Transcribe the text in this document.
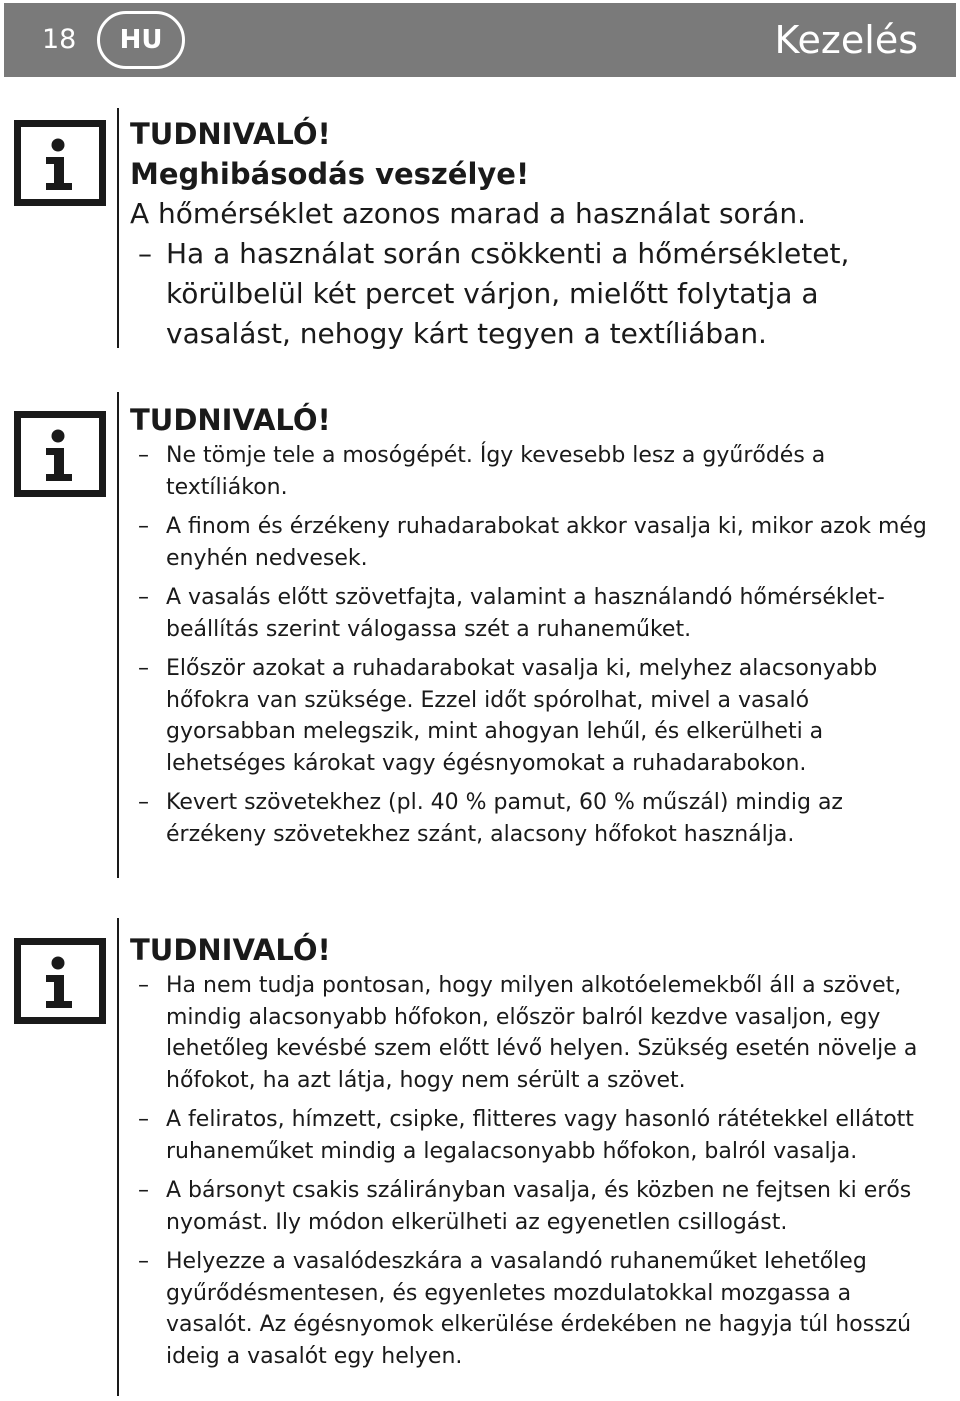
18	HU	Kezelés

TUDNIVALÓ!

Meghibásodás veszélye!

A hőmérséklet azonos marad a használat során.

– Ha a használat során csökkenti a hőmérsékletet, körülbelül két percet várjon, mielőtt folytatja a vasalást, nehogy kárt tegyen a textíliában.

TUDNIVALÓ!

– Ne tömje tele a mosógépét. Így kevesebb lesz a gyűrődés a textíliákon.
– A finom és érzékeny ruhadarabokat akkor vasalja ki, mikor azok még enyhén nedvesek.
– A vasalás előtt szövetfajta, valamint a használandó hőmérséklet-beállítás szerint válogassa szét a ruhaneműket.
– Először azokat a ruhadarabokat vasalja ki, melyhez alacsonyabb hőfokra van szüksége. Ezzel időt spórolhat, mivel a vasaló gyorsabban melegszik, mint ahogyan lehűl, és elkerülheti a lehetséges károkat vagy égésnyomokat a ruhadarabokon.
– Kevert szövetekhez (pl. 40 % pamut, 60 % műszál) mindig az érzékeny szövetekhez szánt, alacsony hőfokot használja.

TUDNIVALÓ!

– Ha nem tudja pontosan, hogy milyen alkotóelemekből áll a szövet, mindig alacsonyabb hőfokon, először balról kezdve vasaljon, egy lehetőleg kevésbé szem előtt lévő helyen. Szükség esetén növelje a hőfokot, ha azt látja, hogy nem sérült a szövet.
– A feliratos, hímzett, csipke, flitteres vagy hasonló rátétekkel ellátott ruhaneműket mindig a legalacsonyabb hőfokon, balról vasalja.
– A bársonyt csakis szálirányban vasalja, és közben ne fejtsen ki erős nyomást. Ily módon elkerülheti az egyenetlen csillogást.
– Helyezze a vasalódeszkára a vasalandó ruhaneműket lehetőleg gyűrődésmentesen, és egyenletes mozdulatokkal mozgassa a vasalót. Az égésnyomok elkerülése érdekében ne hagyja túl hosszú ideig a vasalót egy helyen.
